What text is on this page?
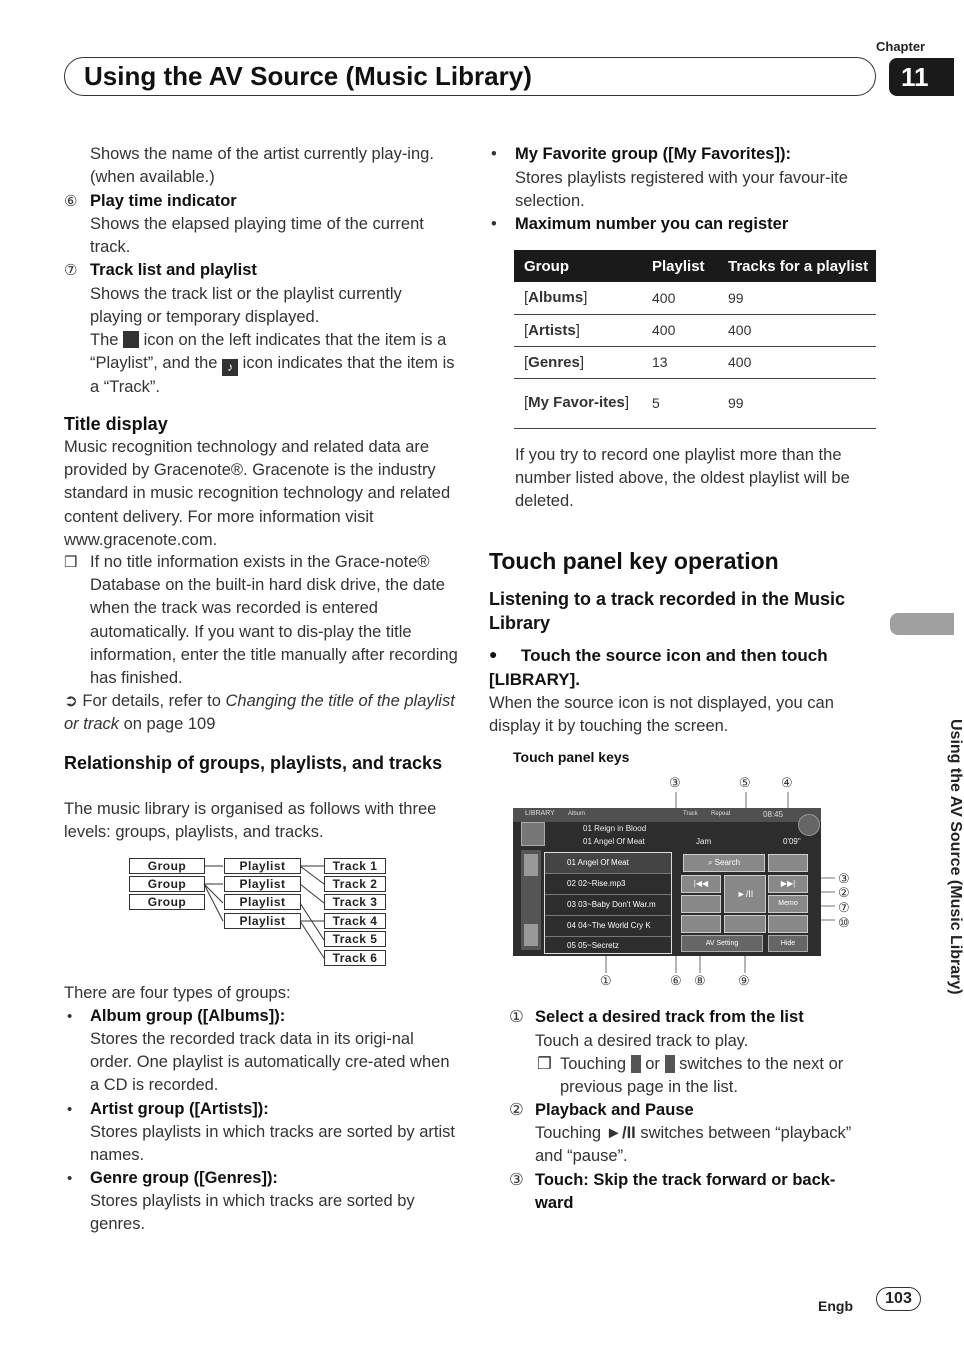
Chapter
11
Using the AV Source (Music Library)
Shows the name of the artist currently play-ing. (when available.)
⑥ Play time indicator
Shows the elapsed playing time of the current track.
⑦ Track list and playlist
Shows the track list or the playlist currently playing or temporary displayed.
The icon on the left indicates that the item is a “Playlist”, and the ♪ icon indicates that the item is a “Track”.
Title display
Music recognition technology and related data are provided by Gracenote®. Gracenote is the industry standard in music recognition technology and related content delivery. For more information visit www.gracenote.com.
❒ If no title information exists in the Grace-note® Database on the built-in hard disk drive, the date when the track was recorded is entered automatically. If you want to dis-play the title information, enter the title manually after recording has finished.
➲ For details, refer to Changing the title of the playlist or track on page 109
Relationship of groups, playlists, and tracks
The music library is organised as follows with three levels: groups, playlists, and tracks.
Group
Group
Group
Playlist
Playlist
Playlist
Playlist
Track 1
Track 2
Track 3
Track 4
Track 5
Track 6
There are four types of groups:
• Album group ([Albums]):
Stores the recorded track data in its origi-nal order. One playlist is automatically cre-ated when a CD is recorded.
• Artist group ([Artists]):
Stores playlists in which tracks are sorted by artist names.
• Genre group ([Genres]):
Stores playlists in which tracks are sorted by genres.
• My Favorite group ([My Favorites]):
Stores playlists registered with your favour-ite selection.
• Maximum number you can register
Group	Playlist	Tracks for a playlist
[Albums]	400	99
[Artists]	400	400
[Genres]	13	400
[My Favor-ites]	5	99
If you try to record one playlist more than the number listed above, the oldest playlist will be deleted.
Touch panel key operation
Listening to a track recorded in the Music Library
●	Touch the source icon and then touch [LIBRARY].
When the source icon is not displayed, you can display it by touching the screen.
Touch panel keys
③	⑤ ④
③
②
⑦
⑩
①	⑥ ⑧ ⑨
LIBRARY Album	Track Repeat	08:45
01 Reign in Blood
01 Angel Of Meat	Jam	0'09"
01 Angel Of Meat
02 02~Rise.mp3
03 03~Baby Don't War.m
04 04~The World Cry K
05 05~Secretz
⌕ Search
|◀◀
►/II
▶▶|
Memo
AV Setting	Hide
① Select a desired track from the list
Touch a desired track to play.
❒ Touching or switches to the next or previous page in the list.
② Playback and Pause
Touching ►/II switches between “playback” and “pause”.
③ Touch: Skip the track forward or back-ward
Using the AV Source (Music Library)
Engb	103
